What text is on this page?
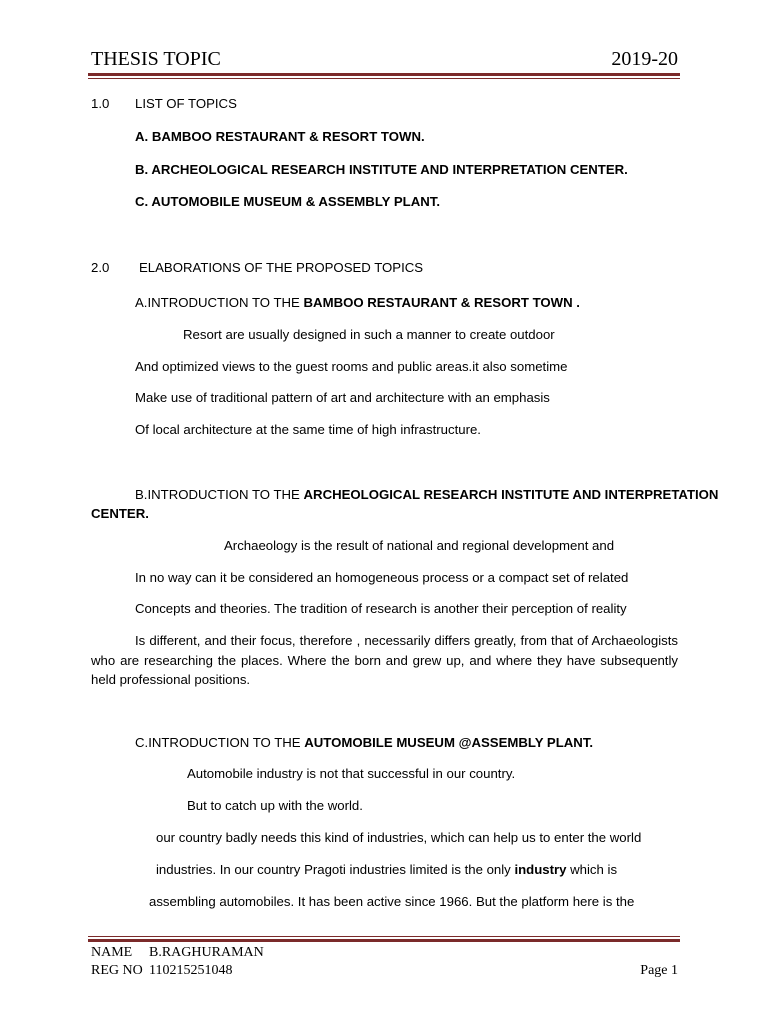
THESIS TOPIC	2019-20
1.0 LIST OF TOPICS
A. BAMBOO RESTAURANT & RESORT TOWN.
B. ARCHEOLOGICAL RESEARCH INSTITUTE AND INTERPRETATION CENTER.
C. AUTOMOBILE MUSEUM & ASSEMBLY PLANT.
2.0 ELABORATIONS OF THE PROPOSED TOPICS
A.INTRODUCTION TO THE BAMBOO RESTAURANT & RESORT TOWN .
Resort are usually designed in such a manner to create outdoor
And optimized views to the guest rooms and public areas.it also sometime
Make use of traditional pattern of art and architecture with an emphasis
Of local architecture at the same time of high infrastructure.
B.INTRODUCTION TO THE ARCHEOLOGICAL RESEARCH INSTITUTE AND INTERPRETATION
CENTER.
Archaeology is the result of national and regional development and
In no way can it be considered an homogeneous process or a compact set of related
Concepts and theories. The tradition of research is another their perception of reality
Is different, and their focus, therefore , necessarily differs greatly, from that of Archaeologists who are researching the places. Where the born and grew up, and where they have subsequently held professional positions.
C.INTRODUCTION TO THE AUTOMOBILE MUSEUM @ASSEMBLY PLANT.
Automobile industry is not that successful in our country.
But to catch up with the world.
our country badly needs this kind of industries, which can help us to enter the world
industries. In our country Pragoti industries limited is the only industry which is
assembling automobiles. It has been active since 1966. But the platform here is the
NAME B.RAGHURAMAN
REG NO 110215251048	Page 1
